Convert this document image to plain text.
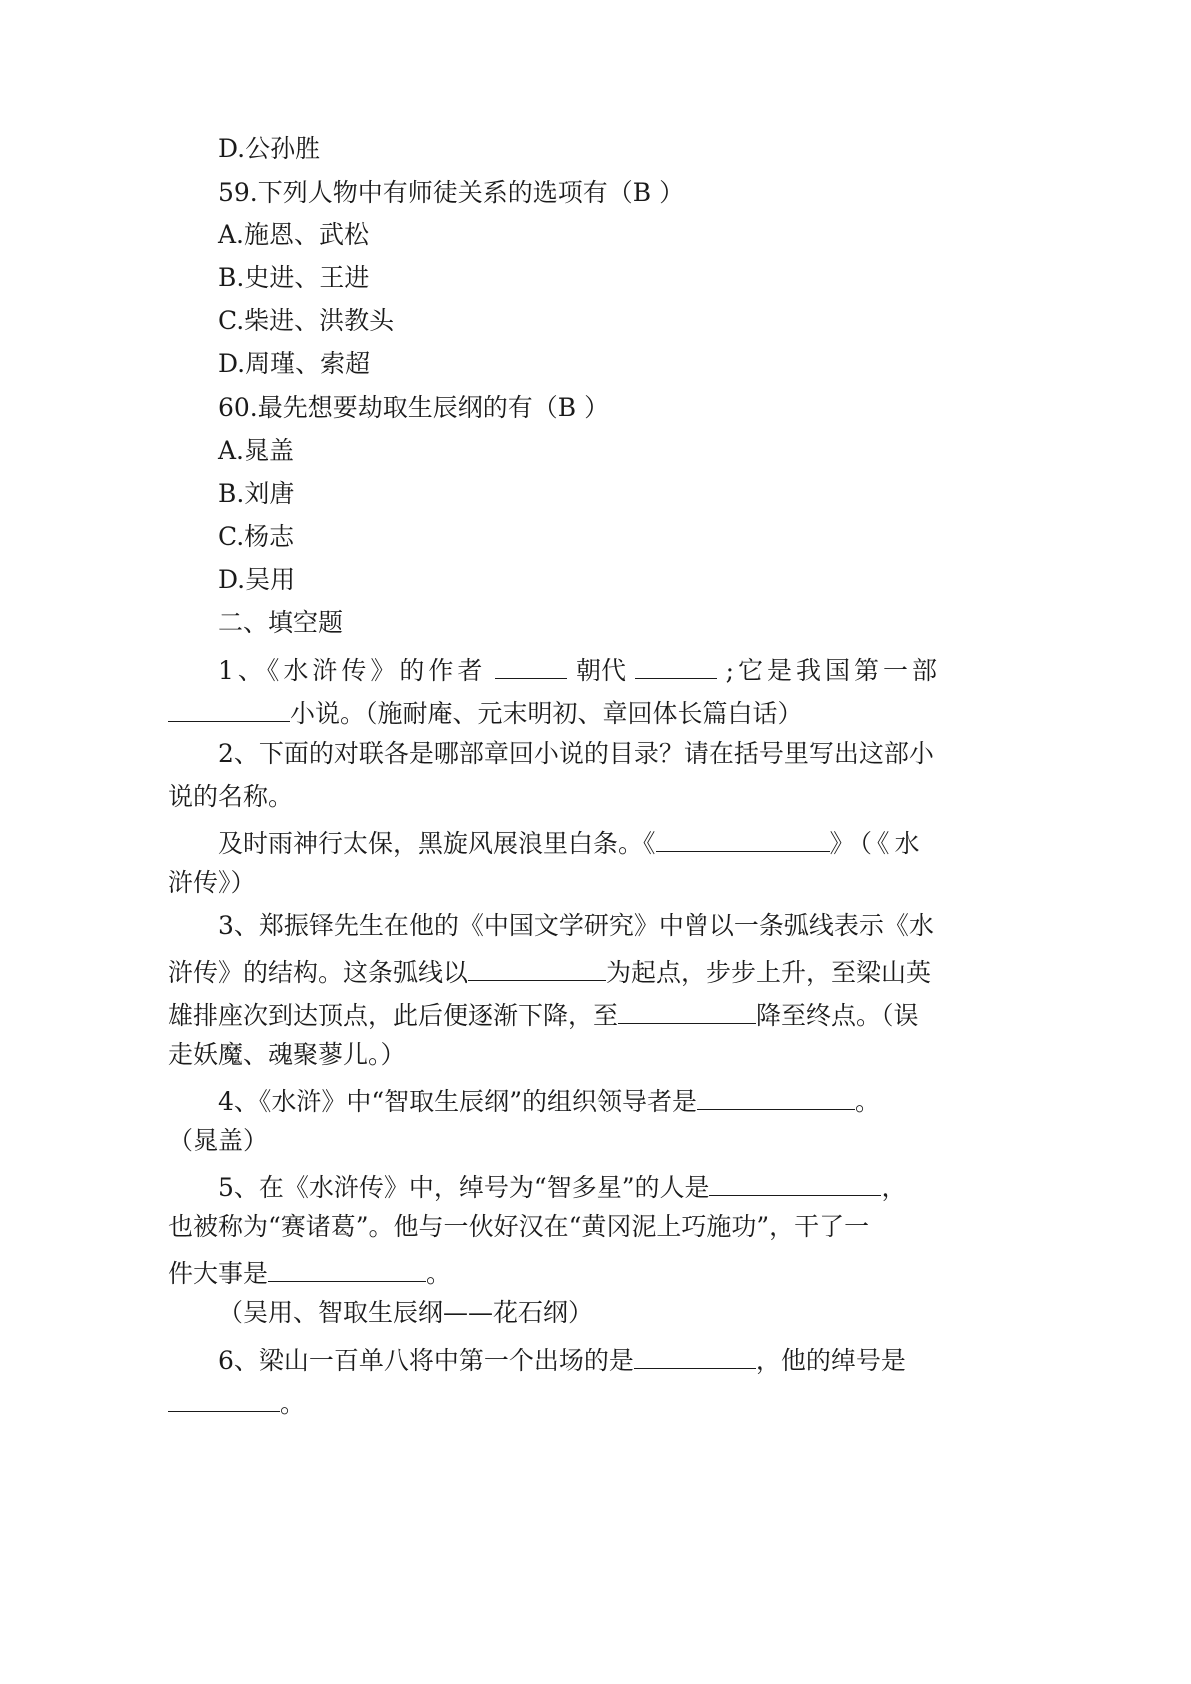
D.公孙胜
59.下列人物中有师徒关系的选项有（B ）
A.施恩、武松
B.史进、王进
C.柴进、洪教头
D.周瑾、索超
60.最先想要劫取生辰纲的有（B ）
A.晁盖
B.刘唐
C.杨志
D.吴用
二、填空题
1、《水浒传》的作者	朝代	;它是我国第一部
小说。（施耐庵、元末明初、章回体长篇白话）
2、下面的对联各是哪部章回小说的目录？请在括号里写出这部小
说的名称。
及时雨神行太保，黑旋风展浪里白条。《	》（《水
浒传》）
3、郑振铎先生在他的《中国文学研究》中曾以一条弧线表示《水
浒传》的结构。这条弧线以	为起点，步步上升，至梁山英
雄排座次到达顶点，此后便逐渐下降，至	降至终点。（误
走妖魔、魂聚蓼儿。）
4、《水浒》中“智取生辰纲”的组织领导者是	。
（晁盖）
5、在《水浒传》中，绰号为“智多星”的人是	，
也被称为“赛诸葛”。他与一伙好汉在“黄冈泥上巧施功”，干了一
件大事是	。
（吴用、智取生辰纲——花石纲）
6、梁山一百单八将中第一个出场的是	，他的绰号是
。
